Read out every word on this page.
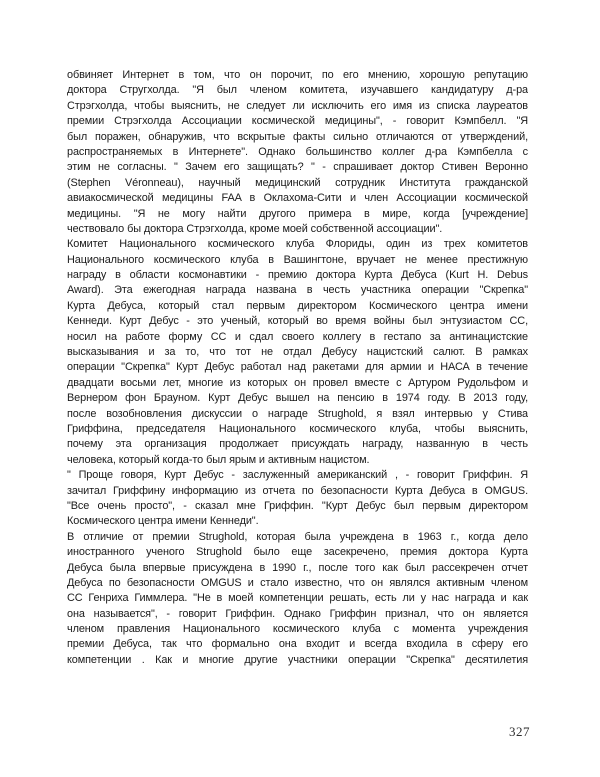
обвиняет Интернет в том, что он порочит, по его мнению, хорошую репутацию
доктора Стругхолда. "Я был членом комитета, изучавшего кандидатуру д-ра
Стрэгхолда, чтобы выяснить, не следует ли исключить его имя из списка лауреатов
премии Стрэгхолда Ассоциации космической медицины", - говорит Кэмпбелл. "Я
был поражен, обнаружив, что вскрытые факты сильно отличаются от утверждений,
распространяемых в Интернете". Однако большинство коллег д-ра Кэмпбелла с
этим не согласны. " Зачем его защищать? " - спрашивает доктор Стивен Веронно
(Stephen Véronneau), научный медицинский сотрудник Института гражданской
авиакосмической медицины FAA в Оклахома-Сити и член Ассоциации космической
медицины. "Я не могу найти другого примера в мире, когда [учреждение]
чествовало бы доктора Стрэгхолда, кроме моей собственной ассоциации".
Комитет Национального космического клуба Флориды, один из трех комитетов
Национального космического клуба в Вашингтоне, вручает не менее престижную
награду в области космонавтики - премию доктора Курта Дебуса (Kurt H. Debus
Award). Эта ежегодная награда названа в честь участника операции "Скрепка"
Курта Дебуса, который стал первым директором Космического центра имени
Кеннеди. Курт Дебус - это ученый, который во время войны был энтузиастом СС,
носил на работе форму СС и сдал своего коллегу в гестапо за антинацистские
высказывания и за то, что тот не отдал Дебусу нацистский салют. В рамках
операции "Скрепка" Курт Дебус работал над ракетами для армии и НАСА в течение
двадцати восьми лет, многие из которых он провел вместе с Артуром Рудольфом и
Вернером фон Брауном. Курт Дебус вышел на пенсию в 1974 году. В 2013 году,
после возобновления дискуссии о награде Strughold, я взял интервью у Стива
Гриффина, председателя Национального космического клуба, чтобы выяснить,
почему эта организация продолжает присуждать награду, названную в честь
человека, который когда-то был ярым и активным нацистом.
" Проще говоря, Курт Дебус - заслуженный американский , - говорит Гриффин. Я
зачитал Гриффину информацию из отчета по безопасности Курта Дебуса в OMGUS.
"Все очень просто", - сказал мне Гриффин. "Курт Дебус был первым директором
Космического центра имени Кеннеди".
В отличие от премии Strughold, которая была учреждена в 1963 г., когда дело
иностранного ученого Strughold было еще засекречено, премия доктора Курта
Дебуса была впервые присуждена в 1990 г., после того как был рассекречен отчет
Дебуса по безопасности OMGUS и стало известно, что он являлся активным членом
СС Генриха Гиммлера. "Не в моей компетенции решать, есть ли у нас награда и как
она называется", - говорит Гриффин. Однако Гриффин признал, что он является
членом правления Национального космического клуба с момента учреждения
премии Дебуса, так что формально она входит и всегда входила в сферу его
компетенции . Как и многие другие участники операции "Скрепка" десятилетия
327
